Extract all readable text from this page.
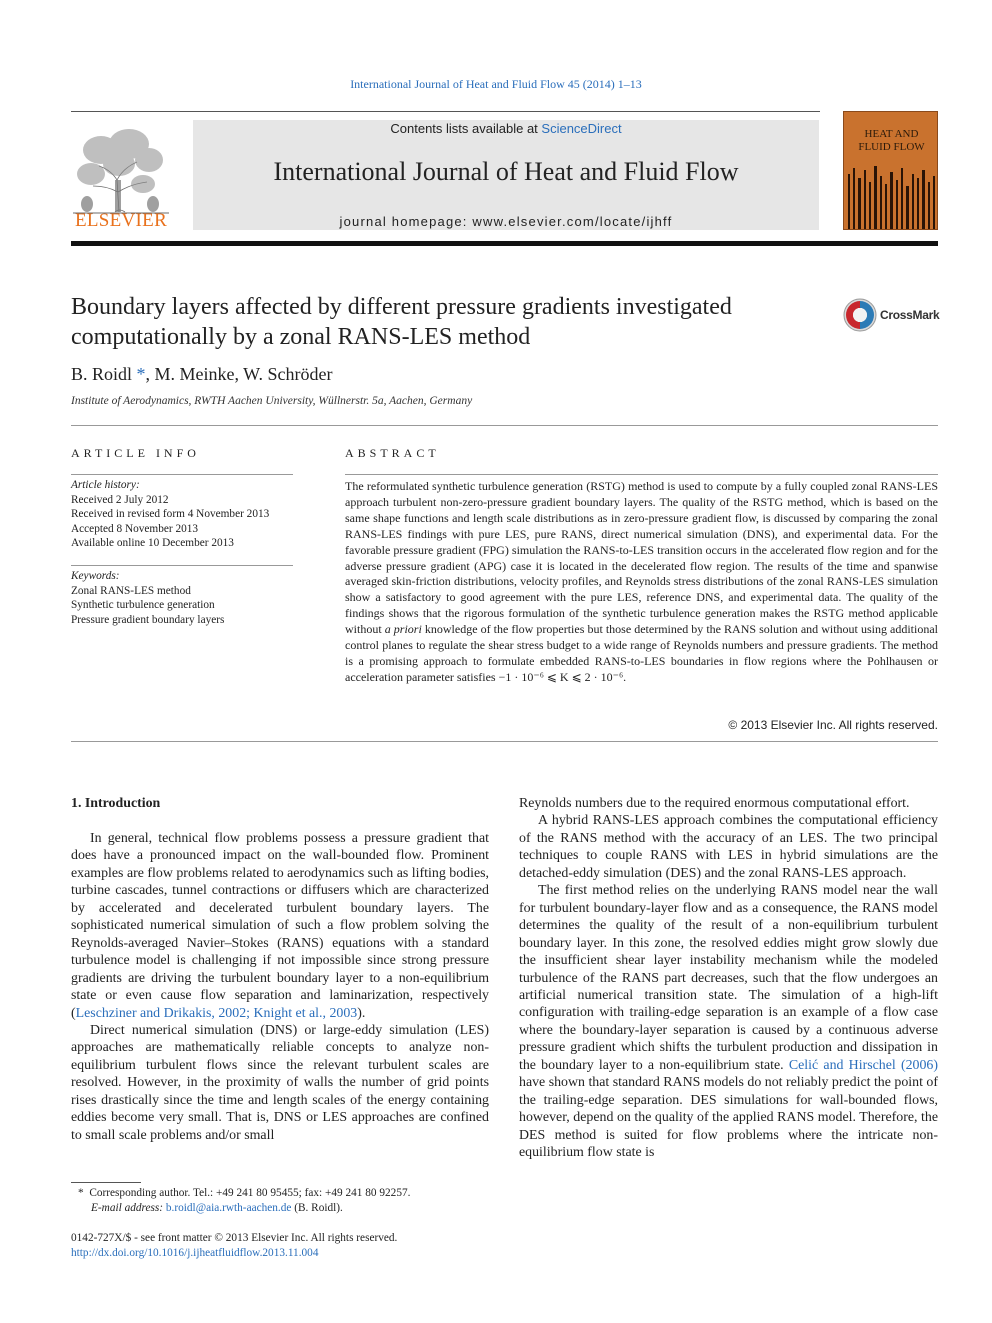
International Journal of Heat and Fluid Flow 45 (2014) 1–13
ELSEVIER
Contents lists available at ScienceDirect
International Journal of Heat and Fluid Flow
journal homepage: www.elsevier.com/locate/ijhff
HEAT AND
FLUID FLOW
Boundary layers affected by different pressure gradients investigated computationally by a zonal RANS-LES method
CrossMark
B. Roidl *, M. Meinke, W. Schröder
Institute of Aerodynamics, RWTH Aachen University, Wüllnerstr. 5a, Aachen, Germany
ARTICLE INFO
Article history:
Received 2 July 2012
Received in revised form 4 November 2013
Accepted 8 November 2013
Available online 10 December 2013
Keywords:
Zonal RANS-LES method
Synthetic turbulence generation
Pressure gradient boundary layers
ABSTRACT
The reformulated synthetic turbulence generation (RSTG) method is used to compute by a fully coupled zonal RANS-LES approach turbulent non-zero-pressure gradient boundary layers. The quality of the RSTG method, which is based on the same shape functions and length scale distributions as in zero-pressure gradient flow, is discussed by comparing the zonal RANS-LES findings with pure LES, pure RANS, direct numerical simulation (DNS), and experimental data. For the favorable pressure gradient (FPG) simulation the RANS-to-LES transition occurs in the accelerated flow region and for the adverse pressure gradient (APG) case it is located in the decelerated flow region. The results of the time and spanwise averaged skin-friction distributions, velocity profiles, and Reynolds stress distributions of the zonal RANS-LES simulation show a satisfactory to good agreement with the pure LES, reference DNS, and experimental data. The quality of the findings shows that the rigorous formulation of the synthetic turbulence generation makes the RSTG method applicable without a priori knowledge of the flow properties but those determined by the RANS solution and without using additional control planes to regulate the shear stress budget to a wide range of Reynolds numbers and pressure gradients. The method is a promising approach to formulate embedded RANS-to-LES boundaries in flow regions where the Pohlhausen or acceleration parameter satisfies −1 · 10⁻⁶ ⩽ K ⩽ 2 · 10⁻⁶.
© 2013 Elsevier Inc. All rights reserved.
1. Introduction

In general, technical flow problems possess a pressure gradient that does have a pronounced impact on the wall-bounded flow. Prominent examples are flow problems related to aerodynamics such as lifting bodies, turbine cascades, tunnel contractions or diffusers which are characterized by accelerated and decelerated turbulent boundary layers. The sophisticated numerical simulation of such a flow problem solving the Reynolds-averaged Navier–Stokes (RANS) equations with a standard turbulence model is challenging if not impossible since strong pressure gradients are driving the turbulent boundary layer to a non-equilibrium state or even cause flow separation and laminarization, respectively (Leschziner and Drikakis, 2002; Knight et al., 2003).

Direct numerical simulation (DNS) or large-eddy simulation (LES) approaches are mathematically reliable concepts to analyze non-equilibrium turbulent flows since the relevant turbulent scales are resolved. However, in the proximity of walls the number of grid points rises drastically since the time and length scales of the energy containing eddies become very small. That is, DNS or LES approaches are confined to small scale problems and/or small

Reynolds numbers due to the required enormous computational effort.

A hybrid RANS-LES approach combines the computational efficiency of the RANS method with the accuracy of an LES. The two principal techniques to couple RANS with LES in hybrid simulations are the detached-eddy simulation (DES) and the zonal RANS-LES approach.

The first method relies on the underlying RANS model near the wall for turbulent boundary-layer flow and as a consequence, the RANS model determines the quality of the result of a non-equilibrium turbulent boundary layer. In this zone, the resolved eddies might grow slowly due the insufficient shear layer instability mechanism while the modeled turbulence of the RANS part decreases, such that the flow undergoes an artificial numerical transition state. The simulation of a high-lift configuration with trailing-edge separation is an example of a flow case where the boundary-layer separation is caused by a continuous adverse pressure gradient which shifts the turbulent production and dissipation in the boundary layer to a non-equilibrium state. Celić and Hirschel (2006) have shown that standard RANS models do not reliably predict the point of the trailing-edge separation. DES simulations for wall-bounded flows, however, depend on the quality of the applied RANS model. Therefore, the DES method is suited for flow problems where the intricate non-equilibrium flow state is

* Corresponding author. Tel.: +49 241 80 95455; fax: +49 241 80 92257.
E-mail address: b.roidl@aia.rwth-aachen.de (B. Roidl).
0142-727X/$ - see front matter © 2013 Elsevier Inc. All rights reserved.
http://dx.doi.org/10.1016/j.ijheatfluidflow.2013.11.004
